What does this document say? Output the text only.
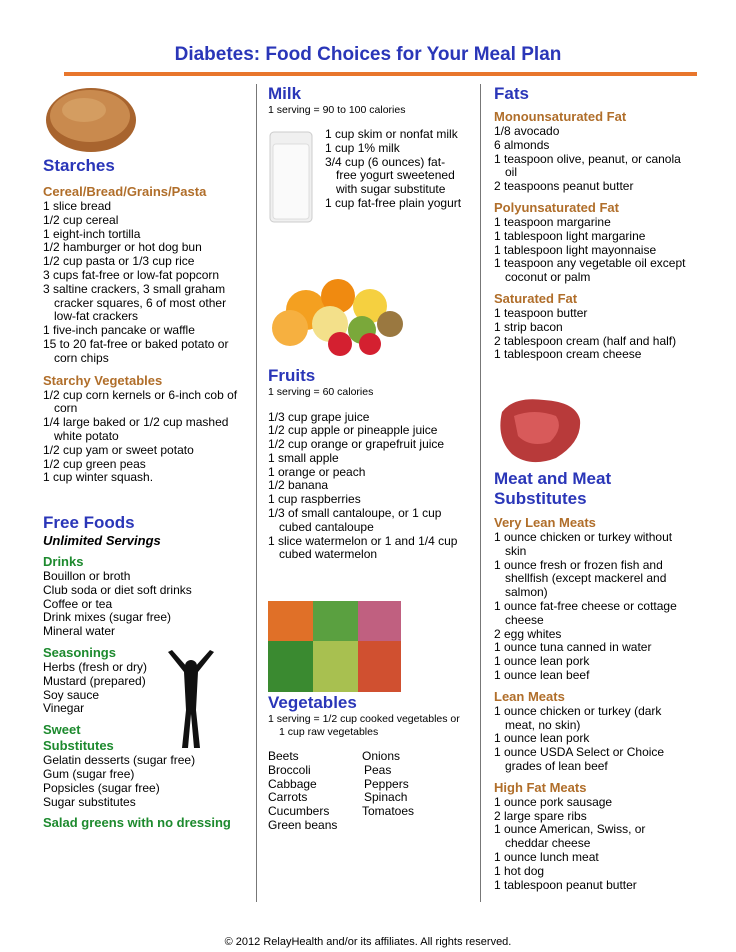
Diabetes: Food Choices for Your Meal Plan
Starches
Cereal/Bread/Grains/Pasta
1 slice bread
1/2 cup cereal
1 eight-inch tortilla
1/2 hamburger or hot dog bun
1/2 cup pasta or 1/3 cup rice
3 cups fat-free or low-fat popcorn
3 saltine crackers, 3 small graham
cracker squares, 6 of most other
low-fat crackers
1 five-inch pancake or waffle
15 to 20 fat-free or baked potato or
corn chips
Starchy Vegetables
1/2 cup corn kernels or 6-inch cob of
corn
1/4 large baked or 1/2 cup mashed
white potato
1/2 cup yam or sweet potato
1/2 cup green peas
1 cup winter squash.
Free Foods
Unlimited Servings
Drinks
Bouillon or broth
Club soda or diet soft drinks
Coffee or tea
Drink mixes (sugar free)
Mineral water
Seasonings
Herbs (fresh or dry)
Mustard (prepared)
Soy sauce
Vinegar
Sweet
Substitutes
Gelatin desserts (sugar free)
Gum (sugar free)
Popsicles (sugar free)
Sugar substitutes
Salad greens with no dressing
Milk
1 serving = 90 to 100 calories
1 cup skim or nonfat milk
1 cup 1% milk
3/4 cup (6 ounces) fat-
free yogurt sweetened
with sugar substitute
1 cup fat-free plain yogurt
Fruits
1 serving = 60 calories
1/3 cup grape juice
1/2 cup apple or pineapple juice
1/2 cup orange or grapefruit juice
1 small apple
1 orange or peach
1/2 banana
1 cup raspberries
1/3 of small cantaloupe, or 1 cup
cubed cantaloupe
1 slice watermelon or 1 and 1/4 cup
cubed watermelon
Vegetables
1 serving = 1/2 cup cooked vegetables or
1 cup raw vegetables
Beets
Broccoli
Cabbage
Carrots
Cucumbers
Green beans
Onions
Peas
Peppers
Spinach
Tomatoes
Fats
Monounsaturated Fat
1/8 avocado
6 almonds
1 teaspoon olive, peanut, or canola
oil
2 teaspoons peanut butter
Polyunsaturated Fat
1 teaspoon margarine
1 tablespoon light margarine
1 tablespoon light mayonnaise
1 teaspoon any vegetable oil except
coconut or palm
Saturated Fat
1 teaspoon butter
1 strip bacon
2 tablespoon cream (half and half)
1 tablespoon cream cheese
Meat and Meat
Substitutes
Very Lean Meats
1 ounce chicken or turkey without
skin
1 ounce fresh or frozen fish and
shellfish (except mackerel and
salmon)
1 ounce fat-free cheese or cottage
cheese
2 egg whites
1 ounce tuna canned in water
1 ounce lean pork
1 ounce lean beef
Lean Meats
1 ounce chicken or turkey (dark
meat, no skin)
1 ounce lean pork
1 ounce USDA Select or Choice
grades of lean beef
High Fat Meats
1 ounce pork sausage
2 large spare ribs
1 ounce American, Swiss, or
cheddar cheese
1 ounce lunch meat
1 hot dog
1 tablespoon peanut butter
© 2012 RelayHealth and/or its affiliates. All rights reserved.
